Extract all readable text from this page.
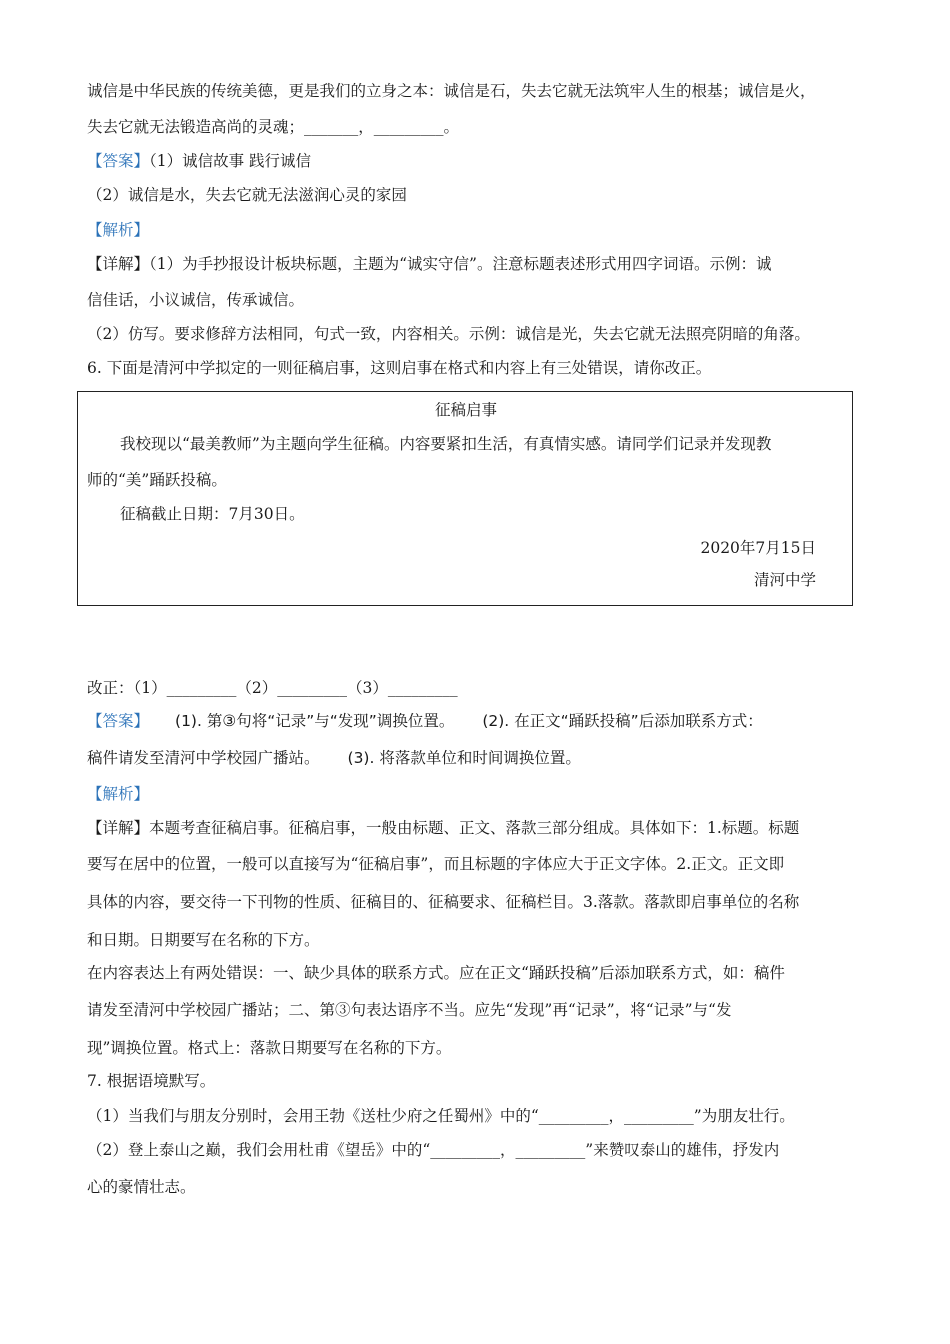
诚信是中华民族的传统美德，更是我们的立身之本：诚信是石，失去它就无法筑牢人生的根基；诚信是火，
失去它就无法锻造高尚的灵魂；_______，_________。
【答案】（1）诚信故事 践行诚信
（2）诚信是水，失去它就无法滋润心灵的家园
【解析】
【详解】（1）为手抄报设计板块标题，主题为“诚实守信”。注意标题表述形式用四字词语。示例：诚
信佳话，小议诚信，传承诚信。
（2）仿写。要求修辞方法相同，句式一致，内容相关。示例：诚信是光，失去它就无法照亮阴暗的角落。
6. 下面是清河中学拟定的一则征稿启事，这则启事在格式和内容上有三处错误，请你改正。
征稿启事
我校现以“最美教师”为主题向学生征稿。内容要紧扣生活，有真情实感。请同学们记录并发现教
师的“美”踊跃投稿。
征稿截止日期：7月30日。
2020年7月15日
清河中学
改正：（1）_________（2）_________（3）_________
【答案】 (1). 第③句将“记录”与“发现”调换位置。 (2). 在正文“踊跃投稿”后添加联系方式：
稿件请发至清河中学校园广播站。 (3). 将落款单位和时间调换位置。
【解析】
【详解】本题考查征稿启事。征稿启事，一般由标题、正文、落款三部分组成。具体如下：1.标题。标题
要写在居中的位置，一般可以直接写为“征稿启事”，而且标题的字体应大于正文字体。2.正文。正文即
具体的内容，要交待一下刊物的性质、征稿目的、征稿要求、征稿栏目。3.落款。落款即启事单位的名称
和日期。日期要写在名称的下方。
在内容表达上有两处错误：一、缺少具体的联系方式。应在正文“踊跃投稿”后添加联系方式，如：稿件
请发至清河中学校园广播站；二、第③句表达语序不当。应先“发现”再“记录”，将“记录”与“发
现”调换位置。格式上：落款日期要写在名称的下方。
7. 根据语境默写。
（1）当我们与朋友分别时，会用王勃《送杜少府之任蜀州》中的“_________，_________”为朋友壮行。
（2）登上泰山之巅，我们会用杜甫《望岳》中的“_________，_________”来赞叹泰山的雄伟，抒发内
心的豪情壮志。
